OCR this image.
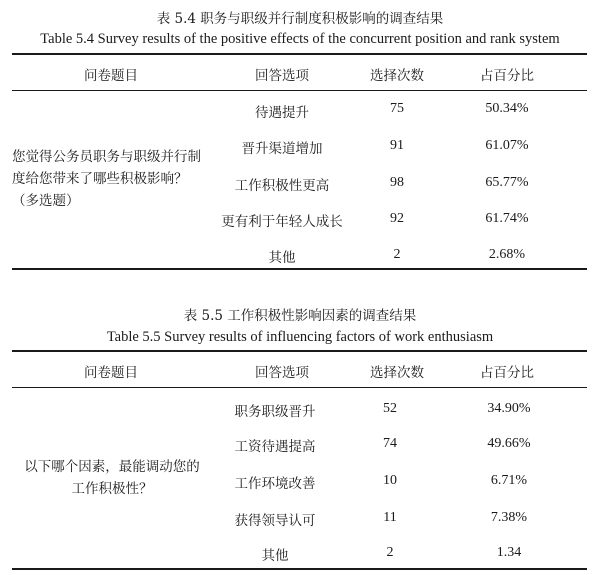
表 5.4 职务与职级并行制度积极影响的调查结果
Table 5.4 Survey results of the positive effects of the concurrent position and rank system
问卷题目	回答选项	选择次数	占百分比
您觉得公务员职务与职级并行制
度给您带来了哪些积极影响？
（多选题）
待遇提升	75	50.34%
晋升渠道增加	91	61.07%
工作积极性更高	98	65.77%
更有利于年轻人成长	92	61.74%
其他	2	2.68%
表 5.5 工作积极性影响因素的调查结果
Table 5.5 Survey results of influencing factors of work enthusiasm
问卷题目	回答选项	选择次数	占百分比
以下哪个因素，最能调动您的
工作积极性？
职务职级晋升	52	34.90%
工资待遇提高	74	49.66%
工作环境改善	10	6.71%
获得领导认可	11	7.38%
其他	2	1.34
